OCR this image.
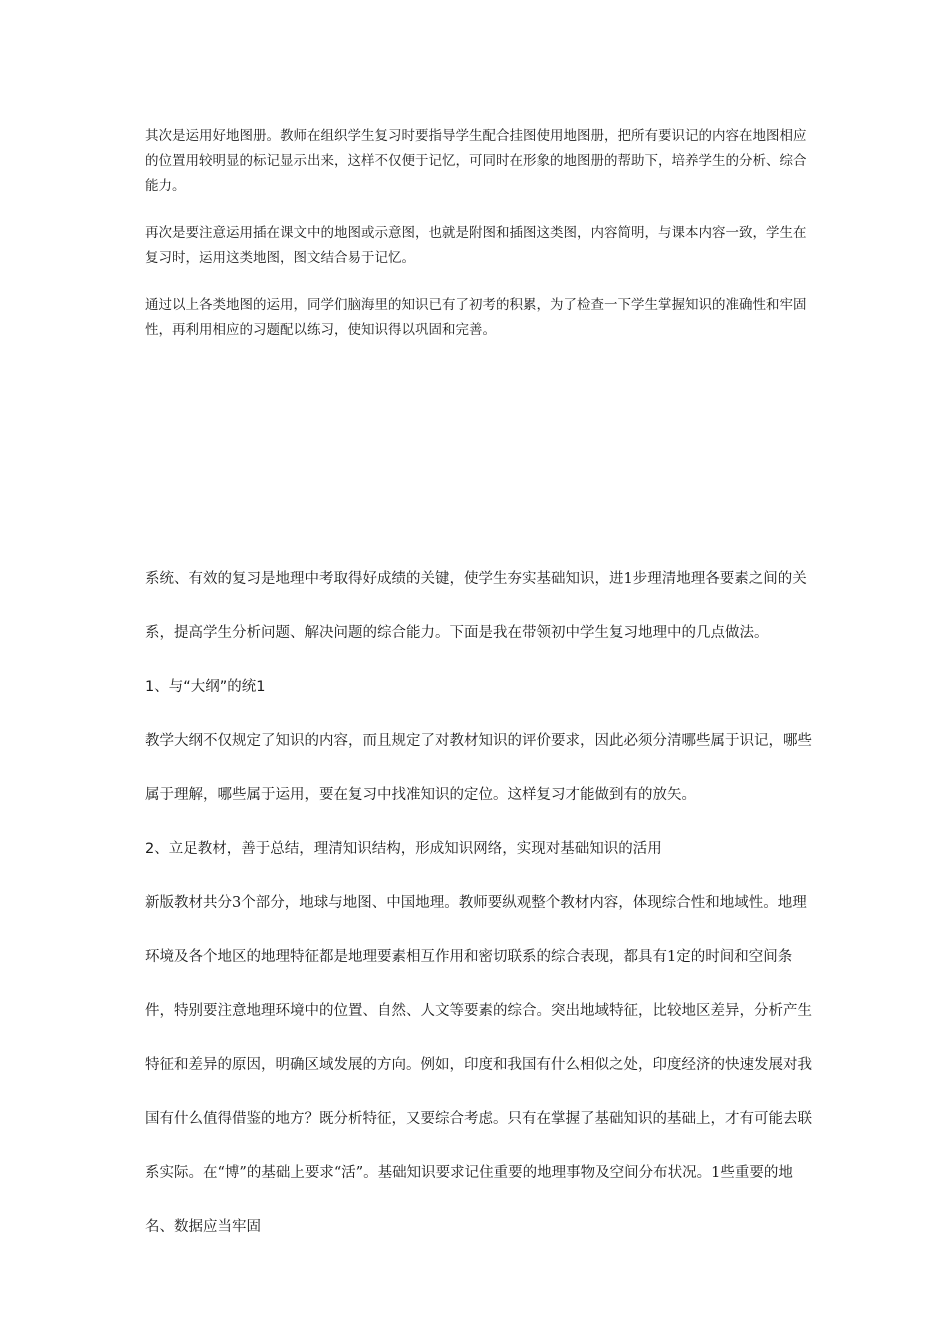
其次是运用好地图册。教师在组织学生复习时要指导学生配合挂图使用地图册，把所有要识记的内容在地图相应的位置用较明显的标记显示出来，这样不仅便于记忆，可同时在形象的地图册的帮助下，培养学生的分析、综合能力。

再次是要注意运用插在课文中的地图或示意图，也就是附图和插图这类图，内容简明，与课本内容一致，学生在复习时，运用这类地图，图文结合易于记忆。

通过以上各类地图的运用，同学们脑海里的知识已有了初考的积累，为了检查一下学生掌握知识的准确性和牢固性，再利用相应的习题配以练习，使知识得以巩固和完善。

系统、有效的复习是地理中考取得好成绩的关键，使学生夯实基础知识，进1步理清地理各要素之间的关系，提高学生分析问题、解决问题的综合能力。下面是我在带领初中学生复习地理中的几点做法。

1、与“大纲”的统1

教学大纲不仅规定了知识的内容，而且规定了对教材知识的评价要求，因此必须分清哪些属于识记，哪些属于理解，哪些属于运用，要在复习中找准知识的定位。这样复习才能做到有的放矢。

2、立足教材，善于总结，理清知识结构，形成知识网络，实现对基础知识的活用

新版教材共分3个部分，地球与地图、中国地理。教师要纵观整个教材内容，体现综合性和地域性。地理环境及各个地区的地理特征都是地理要素相互作用和密切联系的综合表现，都具有1定的时间和空间条件，特别要注意地理环境中的位置、自然、人文等要素的综合。突出地域特征，比较地区差异，分析产生特征和差异的原因，明确区域发展的方向。例如，印度和我国有什么相似之处，印度经济的快速发展对我国有什么值得借鉴的地方？既分析特征，又要综合考虑。只有在掌握了基础知识的基础上，才有可能去联系实际。在“博”的基础上要求“活”。基础知识要求记住重要的地理事物及空间分布状况。1些重要的地名、数据应当牢固
